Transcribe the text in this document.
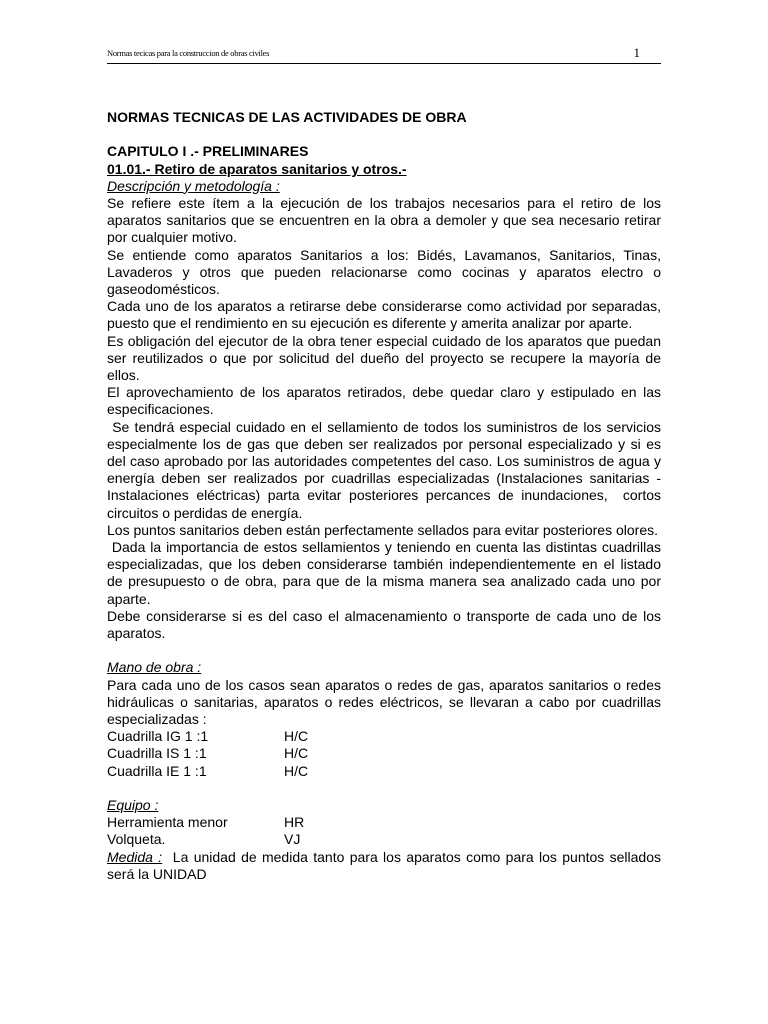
Normas tecicas para la construccion de obras civiles	1

NORMAS TECNICAS DE LAS ACTIVIDADES DE OBRA

CAPITULO I .- PRELIMINARES

01.01.- Retiro de aparatos sanitarios y otros.-

Descripción y metodología :

Se refiere este ítem a la ejecución de los trabajos necesarios para el retiro de los aparatos sanitarios que se encuentren en la obra a demoler y que sea necesario retirar por cualquier motivo.

Se entiende como aparatos Sanitarios a los: Bidés, Lavamanos, Sanitarios, Tinas, Lavaderos y otros que pueden relacionarse como cocinas y aparatos electro o gaseodomésticos.

Cada uno de los aparatos a retirarse debe considerarse como actividad por separadas, puesto que el rendimiento en su ejecución es diferente y amerita analizar por aparte.

Es obligación del ejecutor de la obra tener especial cuidado de los aparatos que puedan ser reutilizados o que por solicitud del dueño del proyecto se recupere la mayoría de ellos.

El aprovechamiento de los aparatos retirados, debe quedar claro y estipulado en las especificaciones.

Se tendrá especial cuidado en el sellamiento de todos los suministros de los servicios especialmente los de gas que deben ser realizados por personal especializado y si es del caso aprobado por las autoridades competentes del caso. Los suministros de agua y energía deben ser realizados por cuadrillas especializadas (Instalaciones sanitarias - Instalaciones eléctricas) parta evitar posteriores percances de inundaciones,  cortos circuitos o perdidas de energía.

Los puntos sanitarios deben están perfectamente sellados para evitar posteriores olores.

Dada la importancia de estos sellamientos y teniendo en cuenta las distintas cuadrillas especializadas, que los deben considerarse también independientemente en el listado de presupuesto o de obra, para que de la misma manera sea analizado cada uno por aparte.

Debe considerarse si es del caso el almacenamiento o transporte de cada uno de los aparatos.

Mano de obra :

Para cada uno de los casos sean aparatos o redes de gas, aparatos sanitarios o redes hidráulicas o sanitarias, aparatos o redes eléctricos, se llevaran a cabo por cuadrillas especializadas :

Cuadrilla IG 1 :1	H/C
Cuadrilla IS 1 :1	H/C
Cuadrilla IE 1 :1	H/C

Equipo :

Herramienta menor	HR
Volqueta.	VJ

Medida :  La unidad de medida tanto para los aparatos como para los puntos sellados será la UNIDAD
